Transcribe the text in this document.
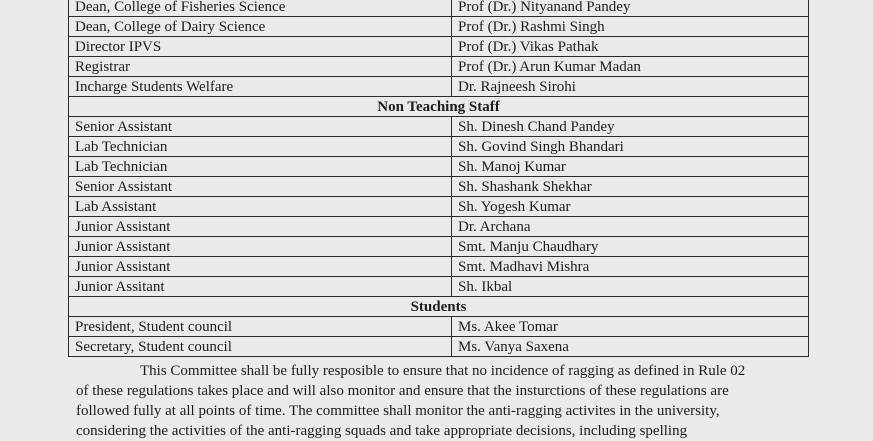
Dean, College of Fisheries Science	Prof (Dr.) Nityanand Pandey
Dean, College of Dairy Science	Prof (Dr.) Rashmi Singh
Director IPVS	Prof (Dr.) Vikas Pathak
Registrar	Prof (Dr.) Arun Kumar Madan
Incharge Students Welfare	Dr. Rajneesh Sirohi
Non Teaching Staff	
Senior Assistant	Sh. Dinesh Chand Pandey
Lab Technician	Sh. Govind Singh Bhandari
Lab Technician	Sh. Manoj Kumar
Senior Assistant	Sh. Shashank Shekhar
Lab Assistant	Sh. Yogesh Kumar
Junior Assistant	Dr. Archana
Junior Assistant	Smt. Manju Chaudhary
Junior Assistant	Smt. Madhavi Mishra
Junior Assitant	Sh. Ikbal
Students	
President, Student council	Ms. Akee Tomar
Secretary, Student council	Ms. Vanya Saxena

This Committee shall be fully resposible to ensure that no incidence of ragging as defined in Rule 02

of these regulations takes place and will also monitor and ensure that the insturctions of these regulations are

followed fully at all points of time. The committee shall monitor the anti-ragging activites in the university,

considering the activities of the anti-ragging squads and take appropriate decisions, including spelling
